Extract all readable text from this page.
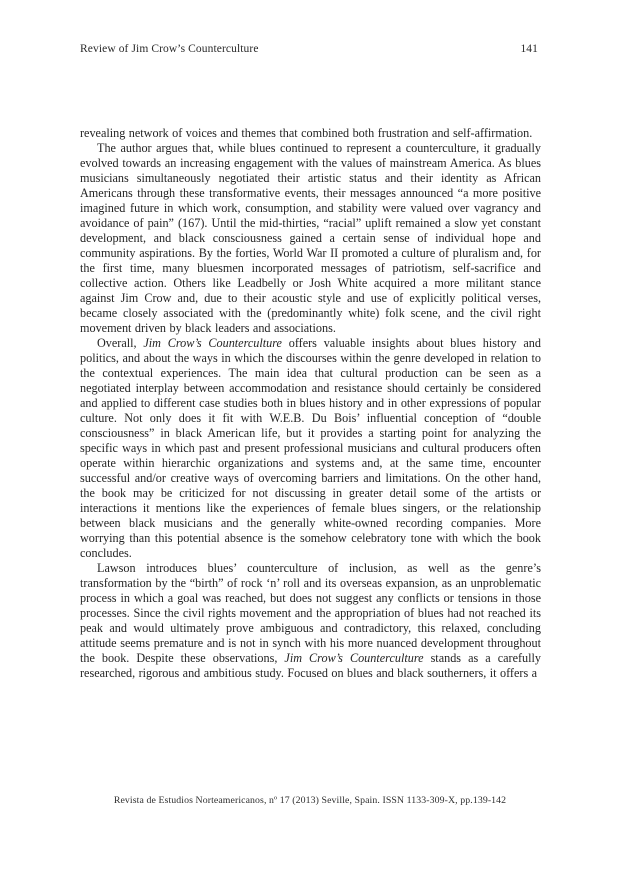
Review of Jim Crow’s Counterculture	141

revealing network of voices and themes that combined both frustration and self-affirmation.

The author argues that, while blues continued to represent a counterculture, it gradually evolved towards an increasing engagement with the values of mainstream America. As blues musicians simultaneously negotiated their artistic status and their identity as African Americans through these transformative events, their messages announced “a more positive imagined future in which work, consumption, and stability were valued over vagrancy and avoidance of pain” (167). Until the mid-thirties, “racial” uplift remained a slow yet constant development, and black consciousness gained a certain sense of individual hope and community aspirations. By the forties, World War II promoted a culture of pluralism and, for the first time, many bluesmen incorporated messages of patriotism, self-sacrifice and collective action. Others like Leadbelly or Josh White acquired a more militant stance against Jim Crow and, due to their acoustic style and use of explicitly political verses, became closely associated with the (predominantly white) folk scene, and the civil right movement driven by black leaders and associations.

Overall, Jim Crow’s Counterculture offers valuable insights about blues history and politics, and about the ways in which the discourses within the genre developed in relation to the contextual experiences. The main idea that cultural production can be seen as a negotiated interplay between accommodation and resistance should certainly be considered and applied to different case studies both in blues history and in other expressions of popular culture. Not only does it fit with W.E.B. Du Bois’ influential conception of “double consciousness” in black American life, but it provides a starting point for analyzing the specific ways in which past and present professional musicians and cultural producers often operate within hierarchic organizations and systems and, at the same time, encounter successful and/or creative ways of overcoming barriers and limitations. On the other hand, the book may be criticized for not discussing in greater detail some of the artists or interactions it mentions like the experiences of female blues singers, or the relationship between black musicians and the generally white-owned recording companies. More worrying than this potential absence is the somehow celebratory tone with which the book concludes.

Lawson introduces blues’ counterculture of inclusion, as well as the genre’s transformation by the “birth” of rock ‘n’ roll and its overseas expansion, as an unproblematic process in which a goal was reached, but does not suggest any conflicts or tensions in those processes. Since the civil rights movement and the appropriation of blues had not reached its peak and would ultimately prove ambiguous and contradictory, this relaxed, concluding attitude seems premature and is not in synch with his more nuanced development throughout the book. Despite these observations, Jim Crow’s Counterculture stands as a carefully researched, rigorous and ambitious study. Focused on blues and black southerners, it offers a

Revista de Estudios Norteamericanos, nº 17 (2013) Seville, Spain. ISSN 1133-309-X, pp.139-142
